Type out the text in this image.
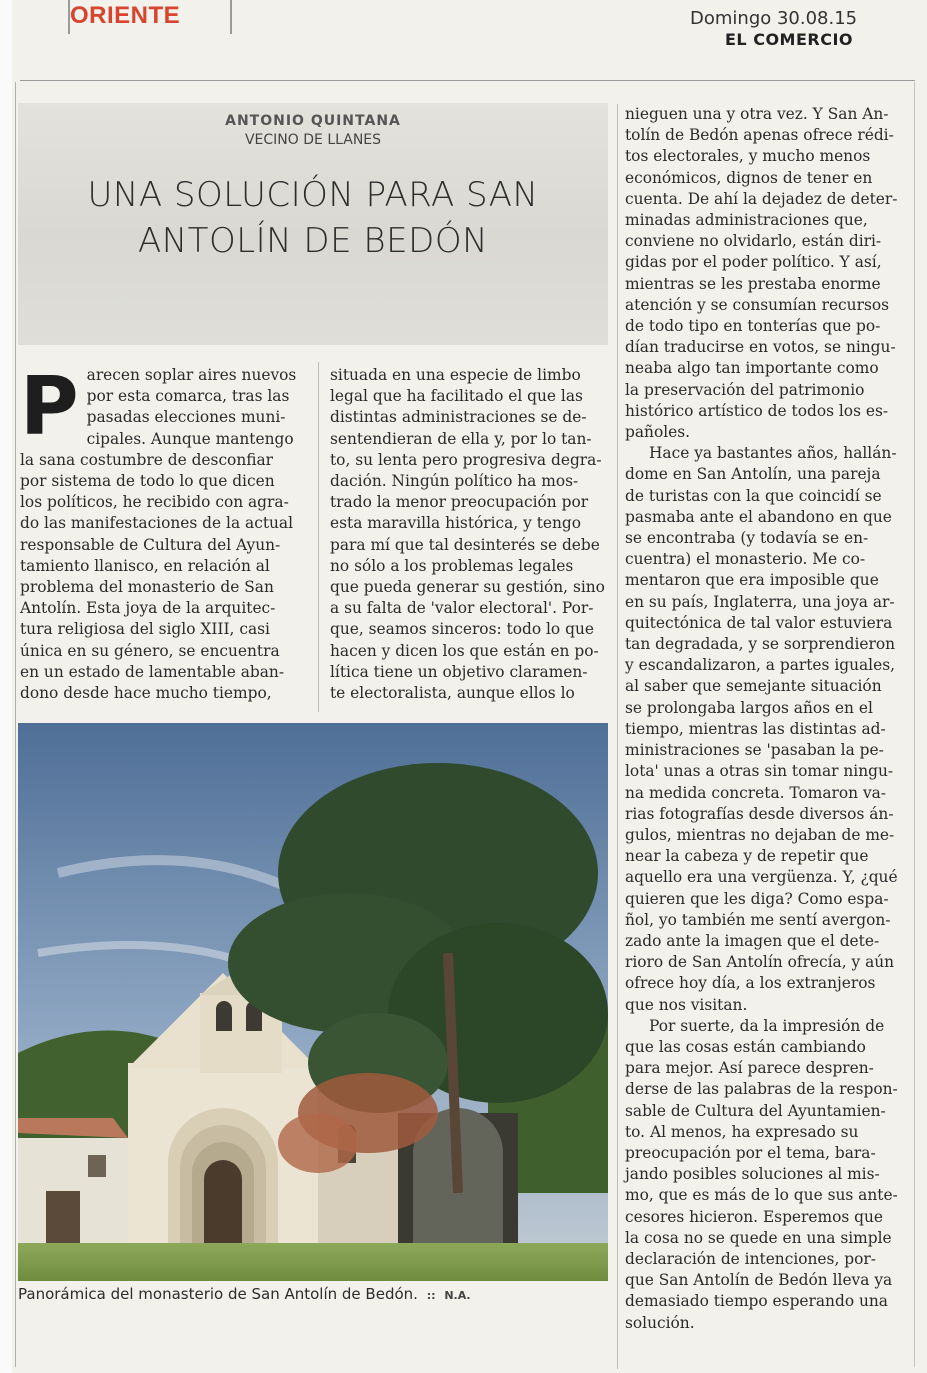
ORIENTE	Domingo 30.08.15
EL COMERCIO
ANTONIO QUINTANA
VECINO DE LLANES
UNA SOLUCIÓN PARA SAN
ANTOLÍN DE BEDÓN
P arecen soplar aires nuevos
por esta comarca, tras las
pasadas elecciones muni-
cipales. Aunque mantengo
la sana costumbre de desconfiar
por sistema de todo lo que dicen
los políticos, he recibido con agra-
do las manifestaciones de la actual
responsable de Cultura del Ayun-
tamiento llanisco, en relación al
problema del monasterio de San
Antolín. Esta joya de la arquitec-
tura religiosa del siglo XIII, casi
única en su género, se encuentra
en un estado de lamentable aban-
dono desde hace mucho tiempo,

situada en una especie de limbo
legal que ha facilitado el que las
distintas administraciones se de-
sentendieran de ella y, por lo tan-
to, su lenta pero progresiva degra-
dación. Ningún político ha mos-
trado la menor preocupación por
esta maravilla histórica, y tengo
para mí que tal desinterés se debe
no sólo a los problemas legales
que pueda generar su gestión, sino
a su falta de 'valor electoral'. Por-
que, seamos sinceros: todo lo que
hacen y dicen los que están en po-
lítica tiene un objetivo claramen-
te electoralista, aunque ellos lo

nieguen una y otra vez. Y San An-
tolín de Bedón apenas ofrece rédi-
tos electorales, y mucho menos
económicos, dignos de tener en
cuenta. De ahí la dejadez de deter-
minadas administraciones que,
conviene no olvidarlo, están diri-
gidas por el poder político. Y así,
mientras se les prestaba enorme
atención y se consumían recursos
de todo tipo en tonterías que po-
dían traducirse en votos, se ningu-
neaba algo tan importante como
la preservación del patrimonio
histórico artístico de todos los es-
pañoles.

Hace ya bastantes años, hallán-
dome en San Antolín, una pareja
de turistas con la que coincidí se
pasmaba ante el abandono en que
se encontraba (y todavía se en-
cuentra) el monasterio. Me co-
mentaron que era imposible que
en su país, Inglaterra, una joya ar-
quitectónica de tal valor estuviera
tan degradada, y se sorprendieron
y escandalizaron, a partes iguales,
al saber que semejante situación
se prolongaba largos años en el
tiempo, mientras las distintas ad-
ministraciones se 'pasaban la pe-
lota' unas a otras sin tomar ningu-
na medida concreta. Tomaron va-
rias fotografías desde diversos án-
gulos, mientras no dejaban de me-
near la cabeza y de repetir que
aquello era una vergüenza. Y, ¿qué
quieren que les diga? Como espa-
ñol, yo también me sentí avergon-
zado ante la imagen que el dete-
rioro de San Antolín ofrecía, y aún
ofrece hoy día, a los extranjeros
que nos visitan.

Por suerte, da la impresión de
que las cosas están cambiando
para mejor. Así parece despren-
derse de las palabras de la respon-
sable de Cultura del Ayuntamien-
to. Al menos, ha expresado su
preocupación por el tema, bara-
jando posibles soluciones al mis-
mo, que es más de lo que sus ante-
cesores hicieron. Esperemos que
la cosa no se quede en una simple
declaración de intenciones, por-
que San Antolín de Bedón lleva ya
demasiado tiempo esperando una
solución.

Panorámica del monasterio de San Antolín de Bedón. :: N.A.
